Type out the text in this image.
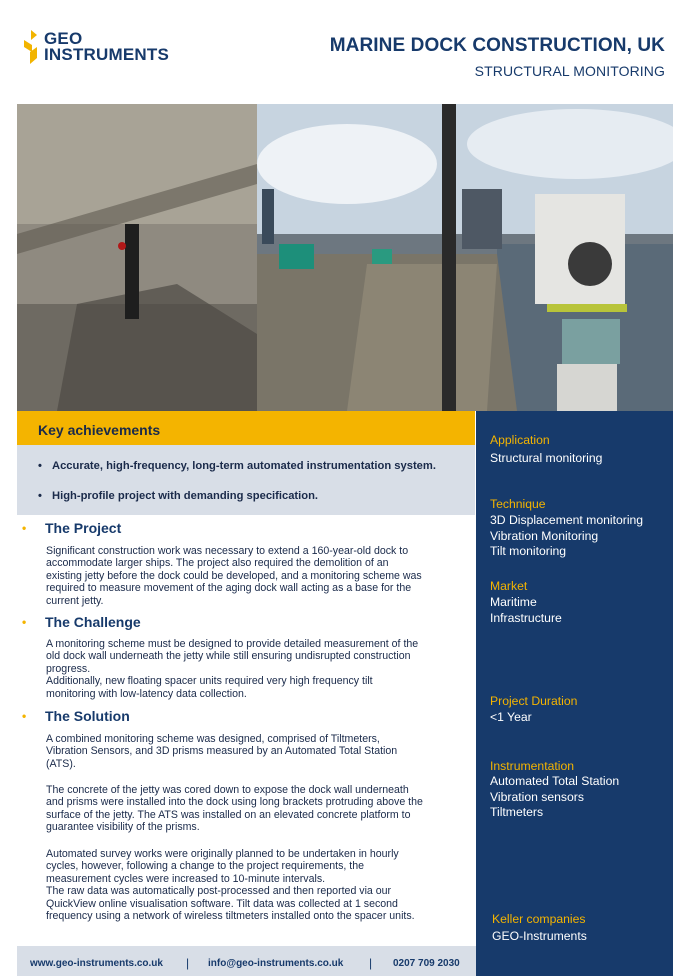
GEO
INSTRUMENTS	MARINE DOCK CONSTRUCTION, UK
STRUCTURAL MONITORING
Key achievements
• Accurate, high-frequency, long-term automated instrumentation system.
• High-profile project with demanding specification.
•	The Project
Significant construction work was necessary to extend a 160-year-old dock to
accommodate larger ships. The project also required the demolition of an
existing jetty before the dock could be developed, and a monitoring scheme was
required to measure movement of the aging dock wall acting as a base for the
current jetty.
•	The Challenge
A monitoring scheme must be designed to provide detailed measurement of the
old dock wall underneath the jetty while still ensuring undisrupted construction
progress.
Additionally, new floating spacer units required very high frequency tilt
monitoring with low-latency data collection.
•	The Solution
A combined monitoring scheme was designed, comprised of Tiltmeters,
Vibration Sensors, and 3D prisms measured by an Automated Total Station
(ATS).
The concrete of the jetty was cored down to expose the dock wall underneath
and prisms were installed into the dock using long brackets protruding above the
surface of the jetty. The ATS was installed on an elevated concrete platform to
guarantee visibility of the prisms.
Automated survey works were originally planned to be undertaken in hourly
cycles, however, following a change to the project requirements, the
measurement cycles were increased to 10-minute intervals.
The raw data was automatically post-processed and then reported via our
QuickView online visualisation software. Tilt data was collected at 1 second
frequency using a network of wireless tiltmeters installed onto the spacer units.
Application
Structural monitoring
Technique
3D Displacement monitoring
Vibration Monitoring
Tilt monitoring
Market
Maritime
Infrastructure
Project Duration
<1 Year
Instrumentation
Automated Total Station
Vibration sensors
Tiltmeters
Keller companies
GEO-Instruments
www.geo-instruments.co.uk | info@geo-instruments.co.uk | 0207 709 2030
